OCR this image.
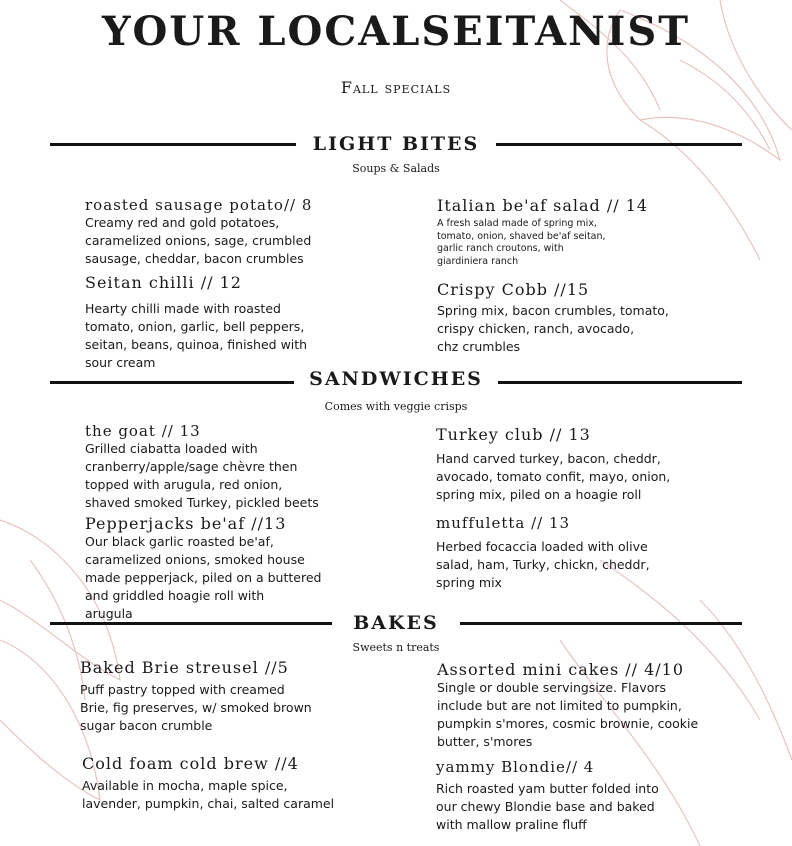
YOUR LOCALSEITANIST
Fall specials
LIGHT BITES
Soups & Salads
roasted sausage potato// 8
Creamy red and gold potatoes,
caramelized onions, sage, crumbled
sausage, cheddar, bacon crumbles
Italian be'af salad // 14
A fresh salad made of spring mix,
tomato, onion, shaved be'af seitan,
garlic ranch croutons, with
giardiniera ranch
Seitan chilli // 12
Hearty chilli made with roasted
tomato, onion, garlic, bell peppers,
seitan, beans, quinoa, finished with
sour cream
Crispy Cobb //15
Spring mix, bacon crumbles, tomato,
crispy chicken, ranch, avocado,
chz crumbles
SANDWICHES
Comes with veggie crisps
the goat // 13
Grilled ciabatta loaded with
cranberry/apple/sage chèvre then
topped with arugula, red onion,
shaved smoked Turkey, pickled beets
Turkey club // 13
Hand carved turkey, bacon, cheddr,
avocado, tomato confit, mayo, onion,
spring mix, piled on a hoagie roll
Pepperjacks be'af //13
Our black garlic roasted be'af,
caramelized onions, smoked house
made pepperjack, piled on a buttered
and griddled hoagie roll with
arugula
muffuletta // 13
Herbed focaccia loaded with olive
salad, ham, Turky, chickn, cheddr,
spring mix
BAKES
Sweets n treats
Baked Brie streusel //5
Puff pastry topped with creamed
Brie, fig preserves, w/ smoked brown
sugar bacon crumble
Assorted mini cakes // 4/10
Single or double servingsize. Flavors
include but are not limited to pumpkin,
pumpkin s'mores, cosmic brownie, cookie
butter, s'mores
Cold foam cold brew //4
Available in mocha, maple spice,
lavender, pumpkin, chai, salted caramel
yammy Blondie// 4
Rich roasted yam butter folded into
our chewy Blondie base and baked
with mallow praline fluff
